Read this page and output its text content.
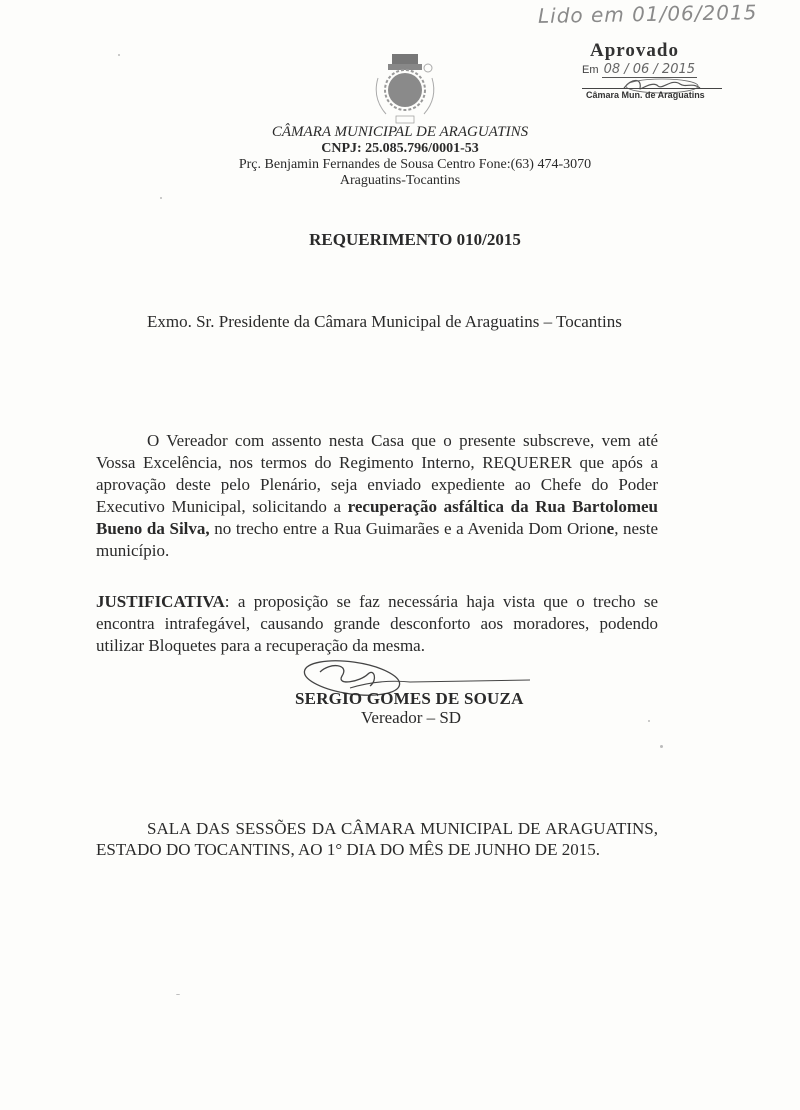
Lido em 01/06/2015
Aprovado
Em 08 / 06 / 2015
Câmara Mun. de Araguatins
CÂMARA MUNICIPAL DE ARAGUATINS
CNPJ: 25.085.796/0001-53
Prç. Benjamin Fernandes de Sousa Centro Fone:(63) 474-3070
Araguatins-Tocantins
REQUERIMENTO 010/2015
Exmo. Sr. Presidente da Câmara Municipal de Araguatins – Tocantins
O Vereador com assento nesta Casa que o presente subscreve, vem até Vossa Excelência, nos termos do Regimento Interno, REQUERER que após a aprovação deste pelo Plenário, seja enviado expediente ao Chefe do Poder Executivo Municipal, solicitando a recuperação asfáltica da Rua Bartolomeu Bueno da Silva, no trecho entre a Rua Guimarães e a Avenida Dom Orione, neste município.
JUSTIFICATIVA: a proposição se faz necessária haja vista que o trecho se encontra intrafegável, causando grande desconforto aos moradores, podendo utilizar Bloquetes para a recuperação da mesma.
SERGIO GOMES DE SOUZA
Vereador – SD
SALA DAS SESSÕES DA CÂMARA MUNICIPAL DE ARAGUATINS, ESTADO DO TOCANTINS, AO 1° DIA DO MÊS DE JUNHO DE 2015.
